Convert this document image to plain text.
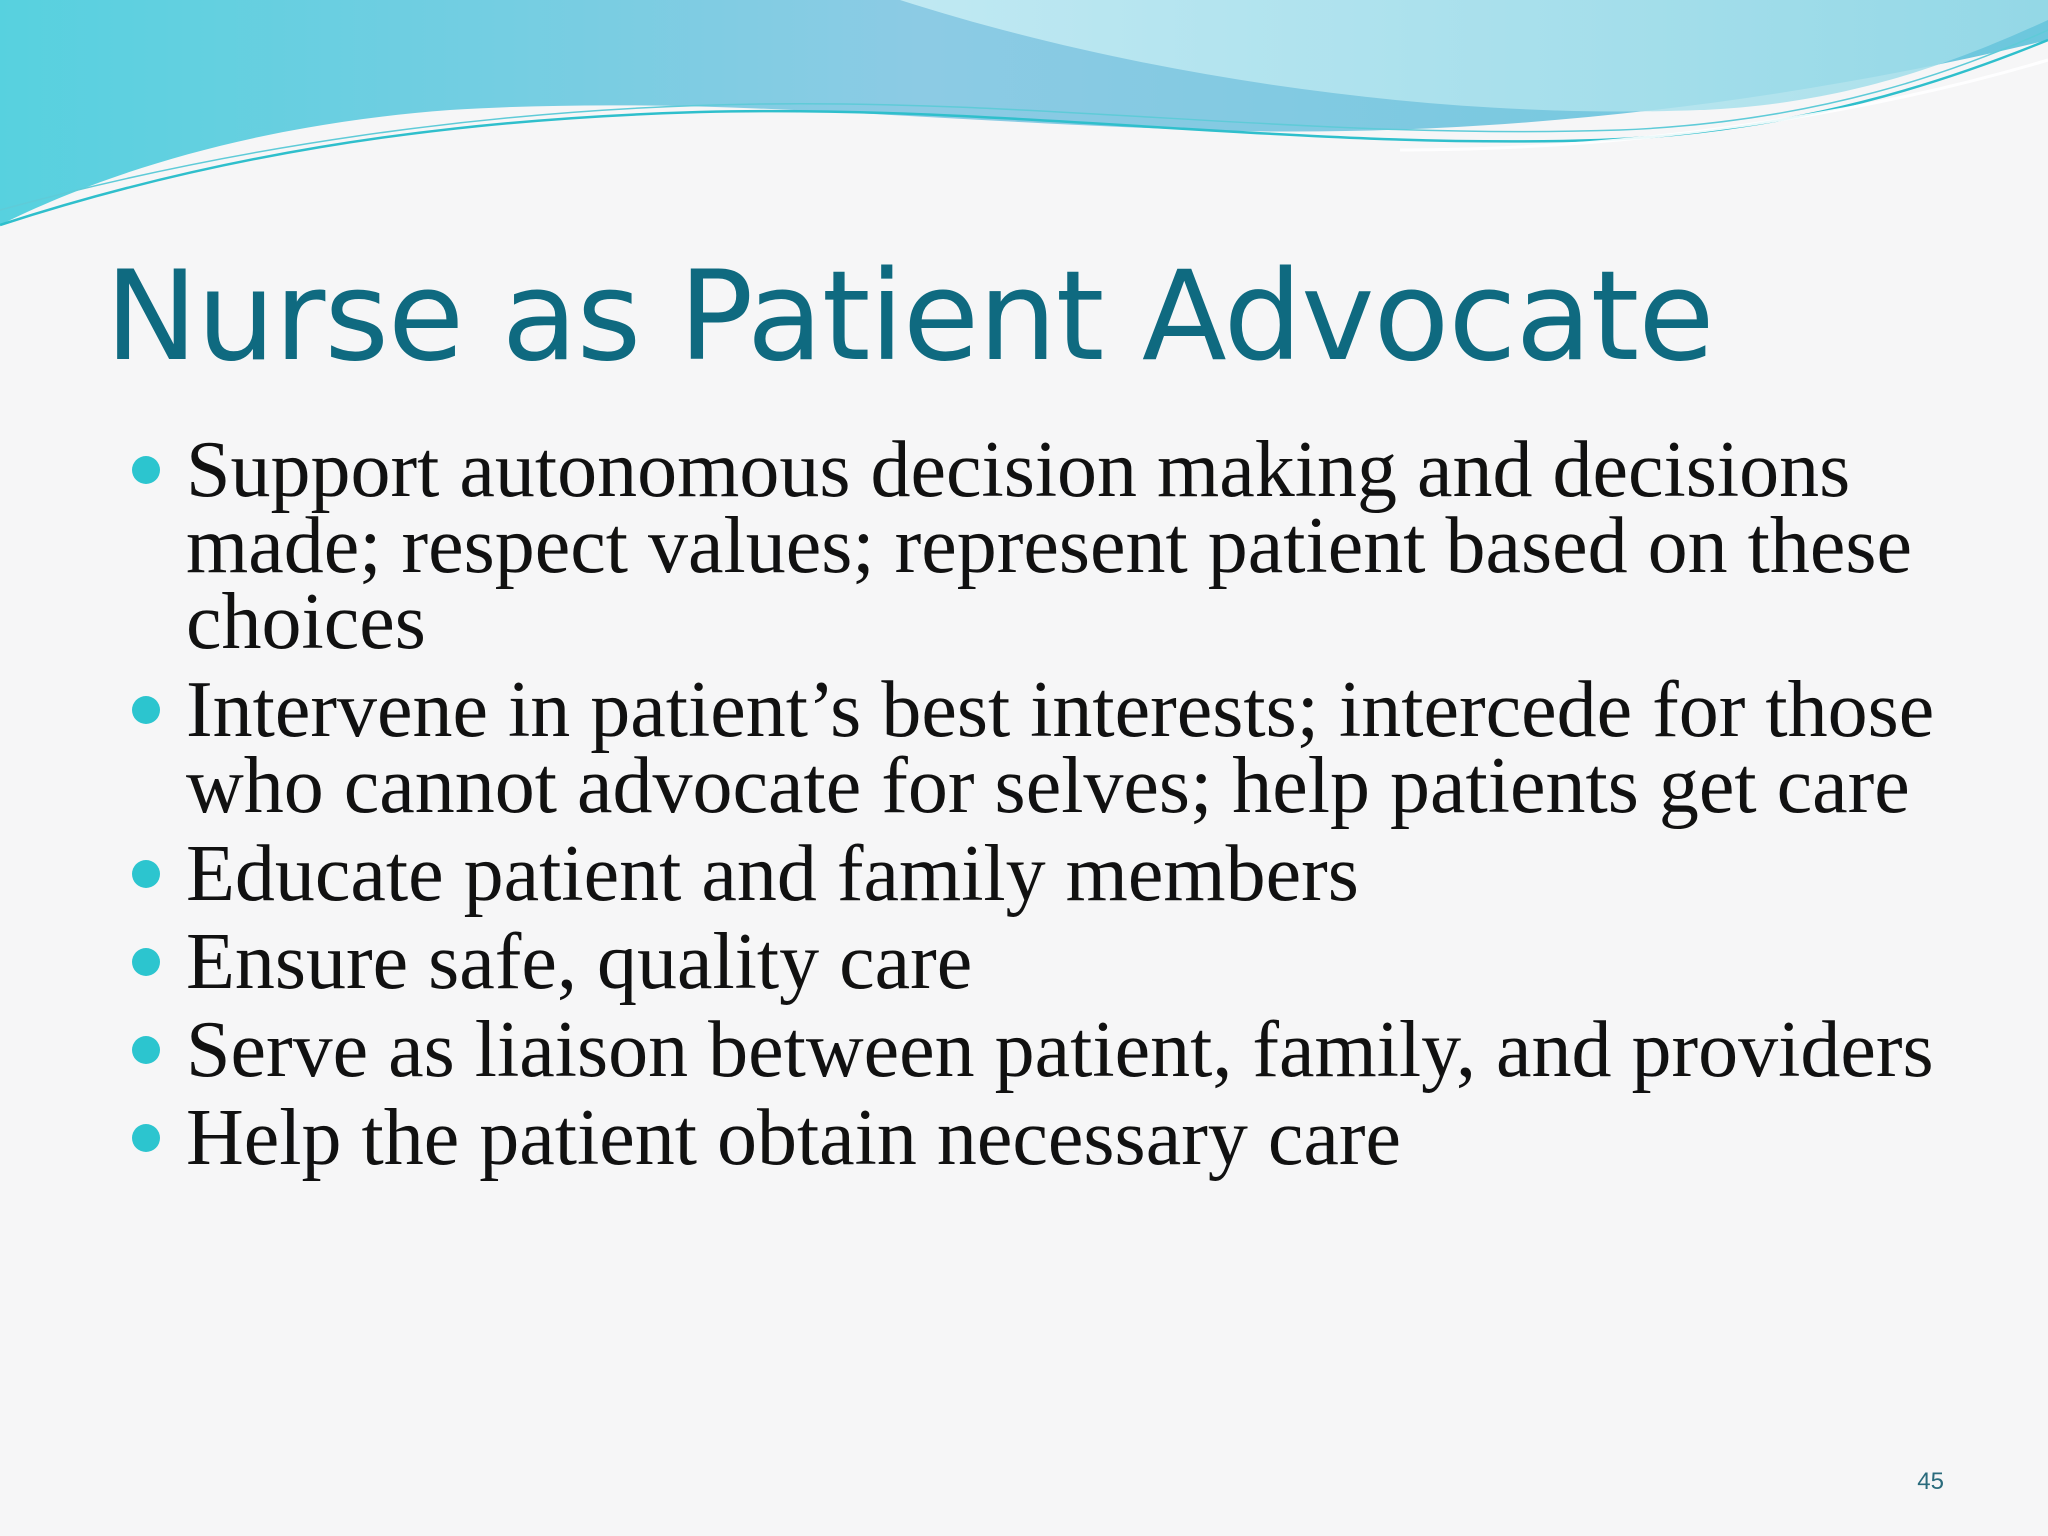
Nurse as Patient Advocate
Support autonomous decision making and decisions made; respect values; represent patient based on these choices
Intervene in patient’s best interests; intercede for those who cannot advocate for selves; help patients get care
Educate patient and family members
Ensure safe, quality care
Serve as liaison between patient, family, and providers
Help the patient obtain necessary care
45
